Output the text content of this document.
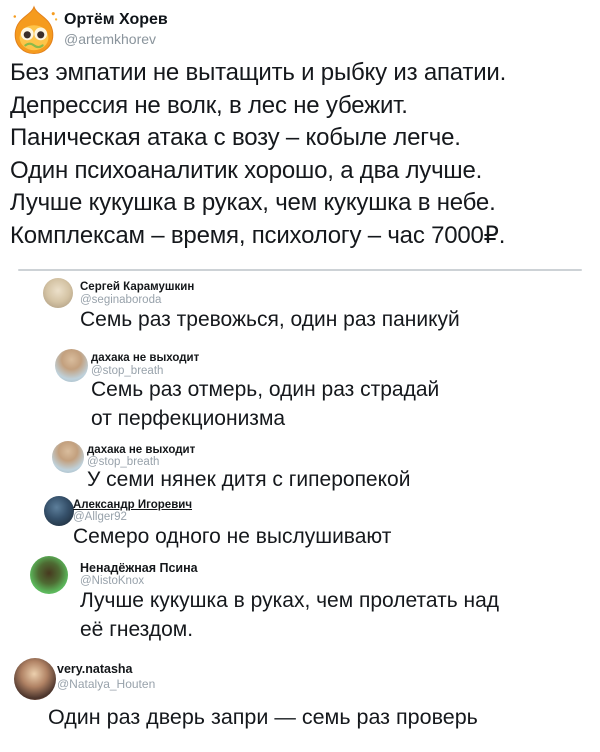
Ортём Хорев
@artemkhorev
Без эмпатии не вытащить и рыбку из апатии.
Депрессия не волк, в лес не убежит.
Паническая атака с возу – кобыле легче.
Один психоаналитик хорошо, а два лучше.
Лучше кукушка в руках, чем кукушка в небе.
Комплексам – время, психологу – час 7000₽.
Сергей Карамушкин
@seginaboroda
Семь раз тревожься, один раз паникуй
дахака не выходит
@stop_breath
Семь раз отмерь, один раз страдай
от перфекционизма
дахака не выходит
@stop_breath
У семи нянек дитя с гиперопекой
Александр Игоревич
@Allger92
Семеро одного не выслушивают
Ненадёжная Псина
@NistoKnox
Лучше кукушка в руках, чем пролетать над
её гнездом.
very.natasha
@Natalya_Houten
Один раз дверь запри — семь раз проверь
